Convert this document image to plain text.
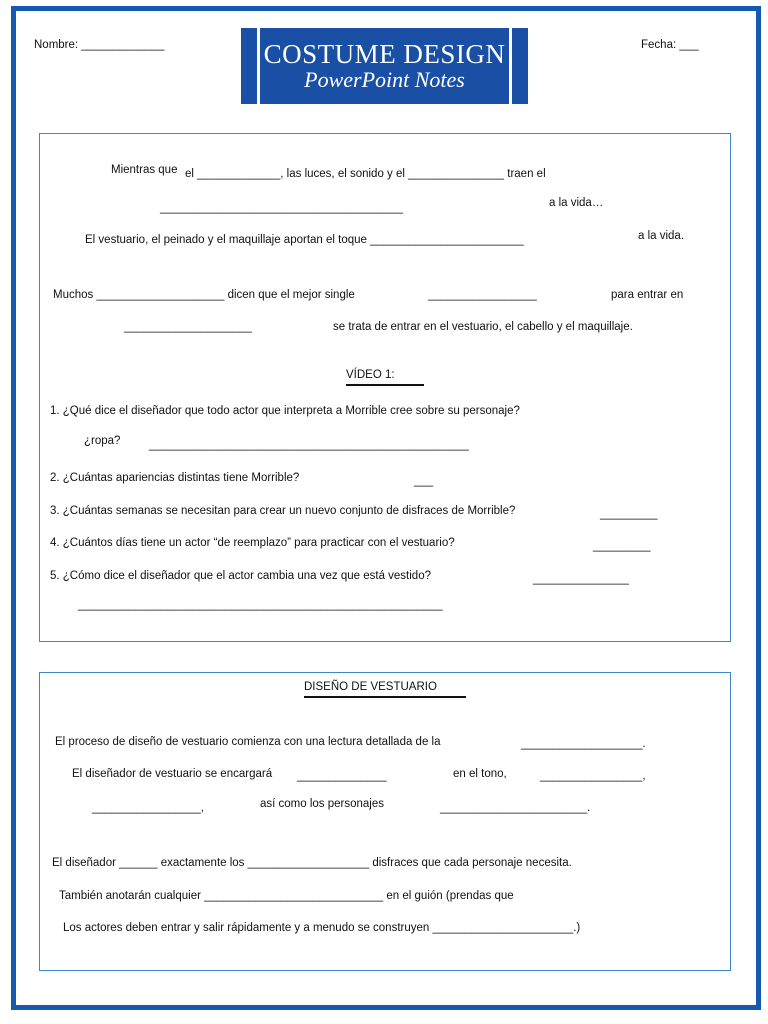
Nombre: _____________	Fecha: ___
COSTUME DESIGN
PowerPoint Notes
Mientras que el _____________, las luces, el sonido y el _______________ traen el
______________________________________	a la vida…
El vestuario, el peinado y el maquillaje aportan el toque ________________________	a la vida.
Muchos ____________________ dicen que el mejor single	_________________	para entrar en
____________________	se trata de entrar en el vestuario, el cabello y el maquillaje.
VÍDEO 1:
1. ¿Qué dice el diseñador que todo actor que interpreta a Morrible cree sobre su personaje?
¿ropa? __________________________________________________
2. ¿Cuántas apariencias distintas tiene Morrible?	___
3. ¿Cuántas semanas se necesitan para crear un nuevo conjunto de disfraces de Morrible?	_________
4. ¿Cuántos días tiene un actor “de reemplazo” para practicar con el vestuario?	_________
5. ¿Cómo dice el diseñador que el actor cambia una vez que está vestido?	_______________
_________________________________________________________
DISEÑO DE VESTUARIO
El proceso de diseño de vestuario comienza con una lectura detallada de la	___________________.
El diseñador de vestuario se encargará ______________	en el tono,	________________,
_________________,	así como los personajes	_______________________.
El diseñador ______ exactamente los ___________________ disfraces que cada personaje necesita.
También anotarán cualquier ____________________________ en el guión (prendas que
Los actores deben entrar y salir rápidamente y a menudo se construyen ______________________.)
